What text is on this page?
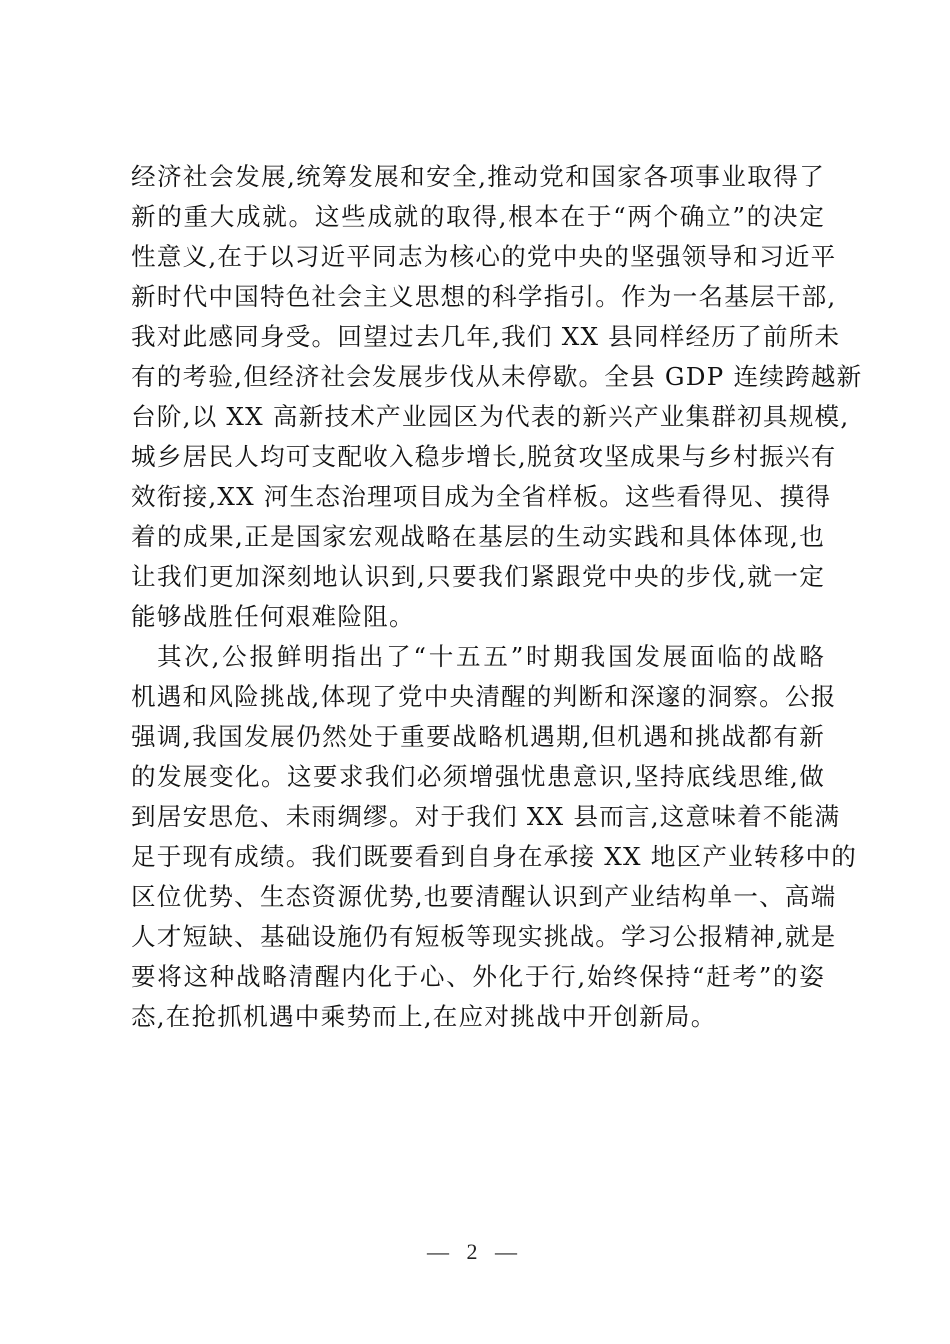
经济社会发展,统筹发展和安全,推动党和国家各项事业取得了
新的重大成就。这些成就的取得,根本在于“两个确立”的决定
性意义,在于以习近平同志为核心的党中央的坚强领导和习近平
新时代中国特色社会主义思想的科学指引。作为一名基层干部,
我对此感同身受。回望过去几年,我们 XX 县同样经历了前所未
有的考验,但经济社会发展步伐从未停歇。全县 GDP 连续跨越新
台阶,以 XX 高新技术产业园区为代表的新兴产业集群初具规模,
城乡居民人均可支配收入稳步增长,脱贫攻坚成果与乡村振兴有
效衔接,XX 河生态治理项目成为全省样板。这些看得见、摸得
着的成果,正是国家宏观战略在基层的生动实践和具体体现,也
让我们更加深刻地认识到,只要我们紧跟党中央的步伐,就一定
能够战胜任何艰难险阻。
其次,公报鲜明指出了“十五五”时期我国发展面临的战略
机遇和风险挑战,体现了党中央清醒的判断和深邃的洞察。公报
强调,我国发展仍然处于重要战略机遇期,但机遇和挑战都有新
的发展变化。这要求我们必须增强忧患意识,坚持底线思维,做
到居安思危、未雨绸缪。对于我们 XX 县而言,这意味着不能满
足于现有成绩。我们既要看到自身在承接 XX 地区产业转移中的
区位优势、生态资源优势,也要清醒认识到产业结构单一、高端
人才短缺、基础设施仍有短板等现实挑战。学习公报精神,就是
要将这种战略清醒内化于心、外化于行,始终保持“赶考”的姿
态,在抢抓机遇中乘势而上,在应对挑战中开创新局。
— 2 —
